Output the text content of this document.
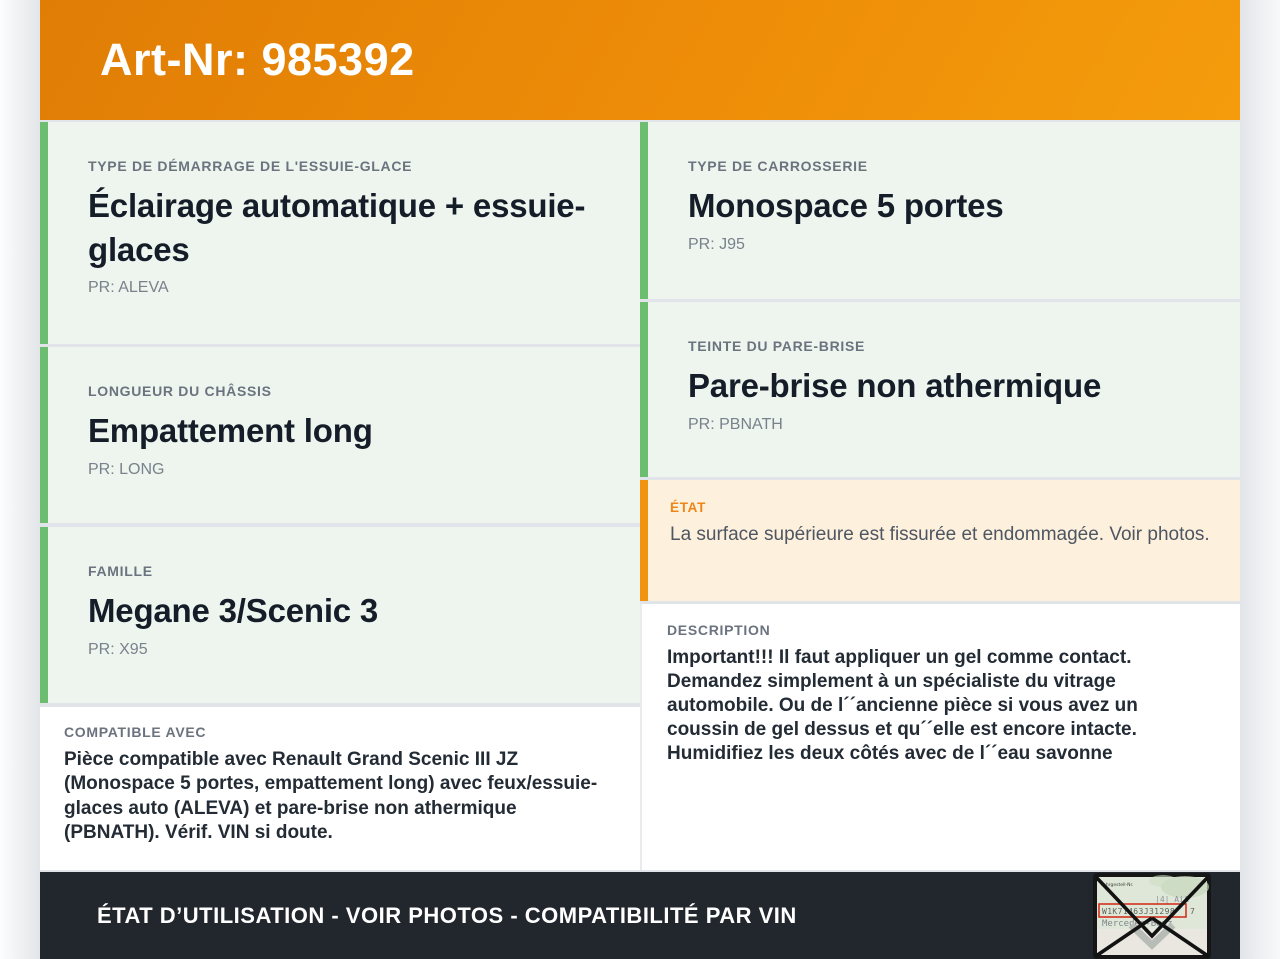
Art-Nr: 985392
TYPE DE DÉMARRAGE DE L'ESSUIE-GLACE
Éclairage automatique + essuie-glaces
PR: ALEVA
LONGUEUR DU CHÂSSIS
Empattement long
PR: LONG
FAMILLE
Megane 3/Scenic 3
PR: X95
COMPATIBLE AVEC
Pièce compatible avec Renault Grand Scenic III JZ (Monospace 5 portes, empattement long) avec feux/essuie-glaces auto (ALEVA) et pare-brise non athermique (PBNATH). Vérif. VIN si doute.
TYPE DE CARROSSERIE
Monospace 5 portes
PR: J95
TEINTE DU PARE-BRISE
Pare-brise non athermique
PR: PBNATH
ÉTAT
La surface supérieure est fissurée et endommagée. Voir photos.
DESCRIPTION
Important!!! Il faut appliquer un gel comme contact. Demandez simplement à un spécialiste du vitrage automobile. Ou de l´´ancienne pièce si vous avez un coussin de gel dessus et qu´´elle est encore intacte. Humidifiez les deux côtés avec de l´´eau savonne
ÉTAT D’UTILISATION - VOIR PHOTOS - COMPATIBILITÉ PAR VIN
Fahrgestell-Nr.
|4| AiA
W1K71463J31298 7
Mercedes-Benz
